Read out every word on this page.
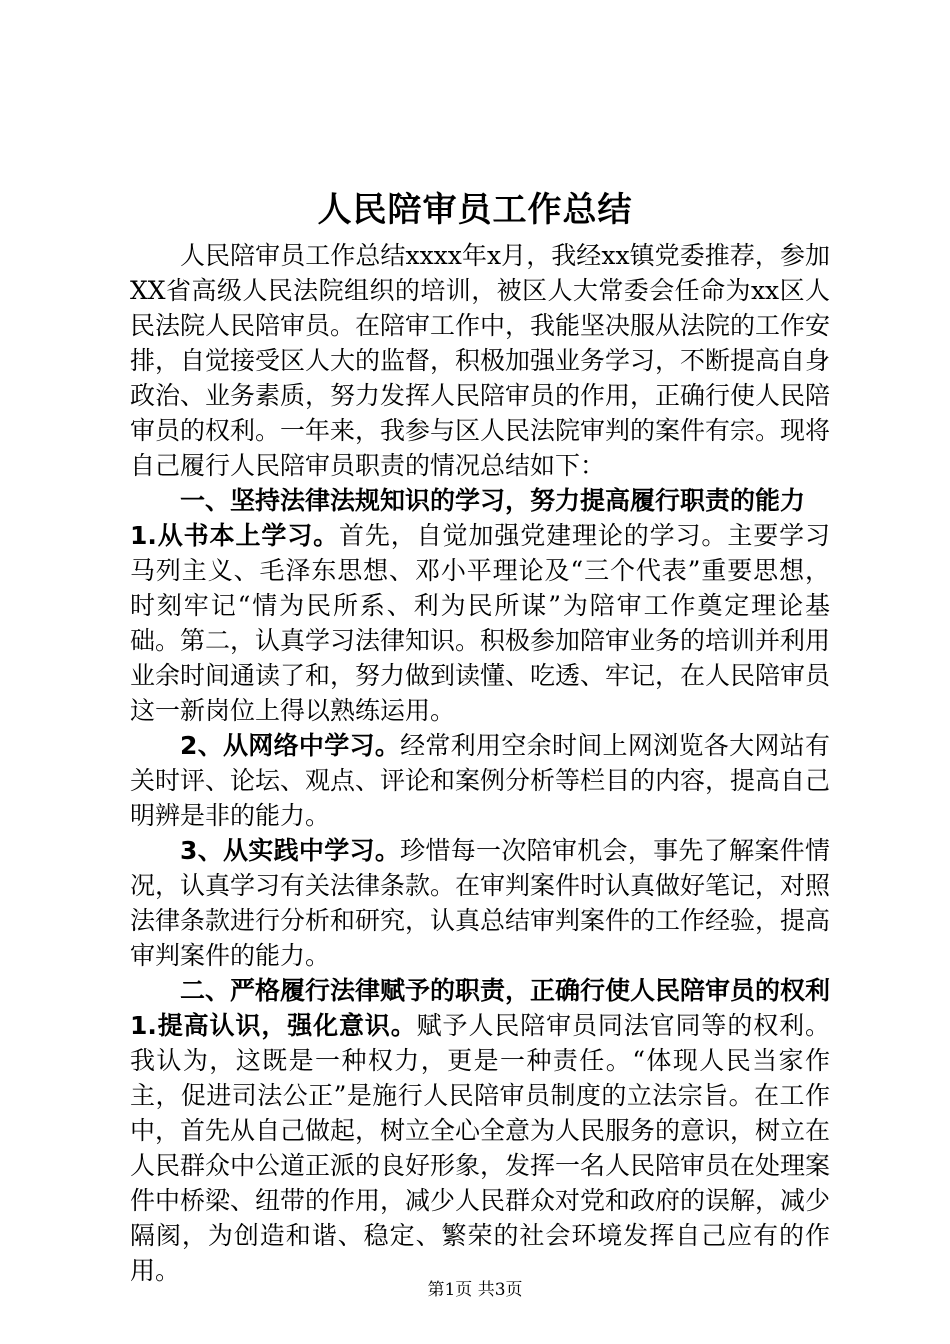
人民陪审员工作总结

人民陪审员工作总结xxxx年x月，我经xx镇党委推荐，参加XX省高级人民法院组织的培训，被区人大常委会任命为xx区人民法院人民陪审员。在陪审工作中，我能坚决服从法院的工作安排，自觉接受区人大的监督，积极加强业务学习，不断提高自身政治、业务素质，努力发挥人民陪审员的作用，正确行使人民陪审员的权利。一年来，我参与区人民法院审判的案件有宗。现将自己履行人民陪审员职责的情况总结如下：

一、坚持法律法规知识的学习，努力提高履行职责的能力

1.从书本上学习。首先，自觉加强党建理论的学习。主要学习马列主义、毛泽东思想、邓小平理论及“三个代表”重要思想，时刻牢记“情为民所系、利为民所谋”为陪审工作奠定理论基础。第二，认真学习法律知识。积极参加陪审业务的培训并利用业余时间通读了和，努力做到读懂、吃透、牢记，在人民陪审员这一新岗位上得以熟练运用。

2、从网络中学习。经常利用空余时间上网浏览各大网站有关时评、论坛、观点、评论和案例分析等栏目的内容，提高自己明辨是非的能力。

3、从实践中学习。珍惜每一次陪审机会，事先了解案件情况，认真学习有关法律条款。在审判案件时认真做好笔记，对照法律条款进行分析和研究，认真总结审判案件的工作经验，提高审判案件的能力。

二、严格履行法律赋予的职责，正确行使人民陪审员的权利1.提高认识，强化意识。赋予人民陪审员同法官同等的权利。我认为，这既是一种权力，更是一种责任。“体现人民当家作主，促进司法公正”是施行人民陪审员制度的立法宗旨。在工作中，首先从自己做起，树立全心全意为人民服务的意识，树立在人民群众中公道正派的良好形象，发挥一名人民陪审员在处理案件中桥梁、纽带的作用，减少人民群众对党和政府的误解，减少隔阂，为创造和谐、稳定、繁荣的社会环境发挥自己应有的作用。

第1页 共3页
